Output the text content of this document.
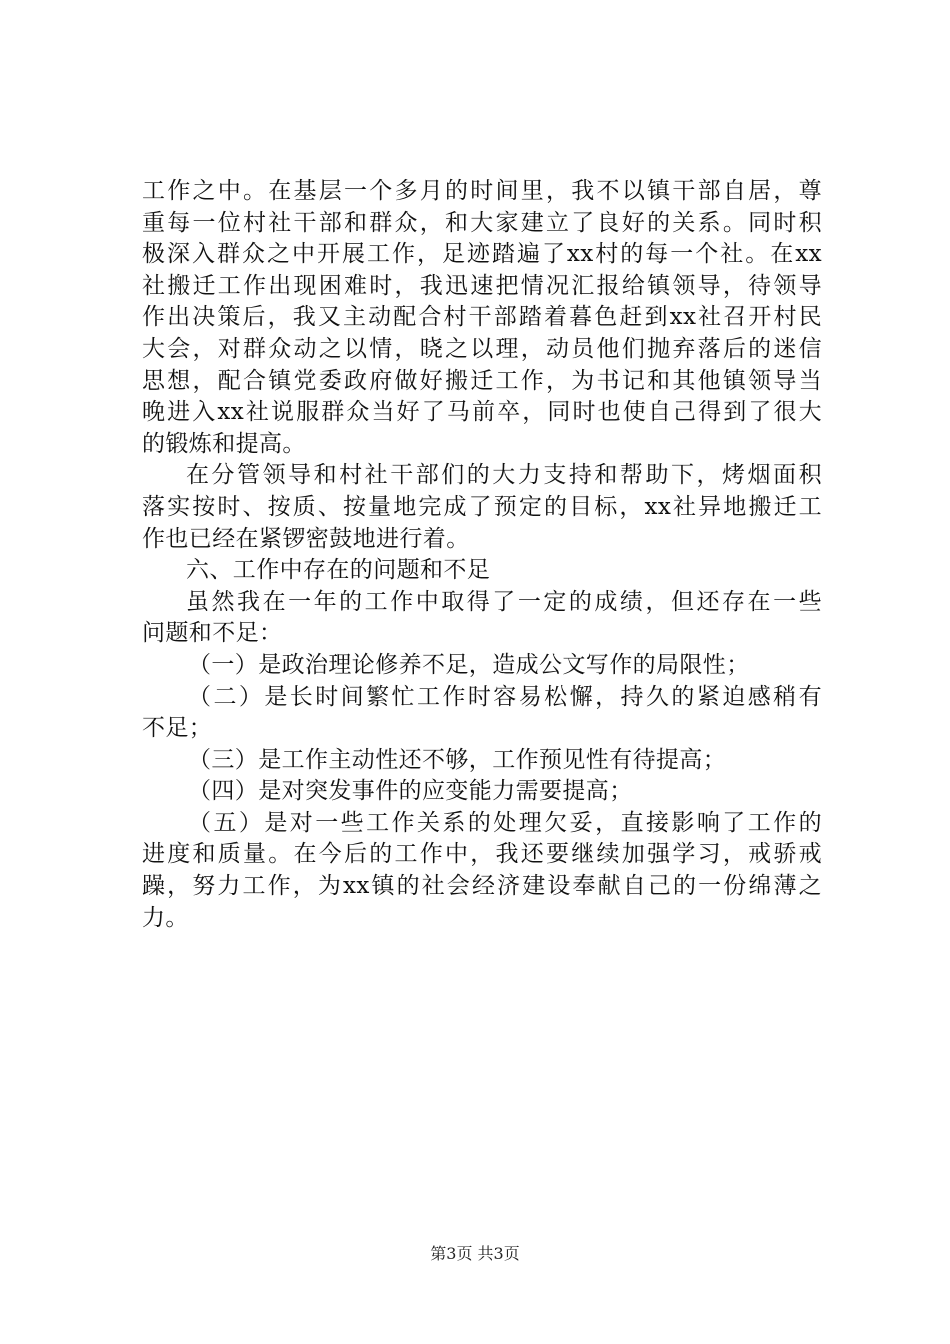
工作之中。在基层一个多月的时间里，我不以镇干部自居，尊
重每一位村社干部和群众，和大家建立了良好的关系。同时积
极深入群众之中开展工作，足迹踏遍了xx村的每一个社。在xx
社搬迁工作出现困难时，我迅速把情况汇报给镇领导，待领导
作出决策后，我又主动配合村干部踏着暮色赶到xx社召开村民
大会，对群众动之以情，晓之以理，动员他们抛弃落后的迷信
思想，配合镇党委政府做好搬迁工作，为书记和其他镇领导当
晚进入xx社说服群众当好了马前卒，同时也使自己得到了很大
的锻炼和提高。
在分管领导和村社干部们的大力支持和帮助下，烤烟面积
落实按时、按质、按量地完成了预定的目标，xx社异地搬迁工
作也已经在紧锣密鼓地进行着。
六、工作中存在的问题和不足
虽然我在一年的工作中取得了一定的成绩，但还存在一些
问题和不足：
（一）是政治理论修养不足，造成公文写作的局限性；
（二）是长时间繁忙工作时容易松懈，持久的紧迫感稍有
不足；
（三）是工作主动性还不够，工作预见性有待提高；
（四）是对突发事件的应变能力需要提高；
（五）是对一些工作关系的处理欠妥，直接影响了工作的
进度和质量。在今后的工作中，我还要继续加强学习，戒骄戒
躁，努力工作，为xx镇的社会经济建设奉献自己的一份绵薄之
力。
第3页 共3页
